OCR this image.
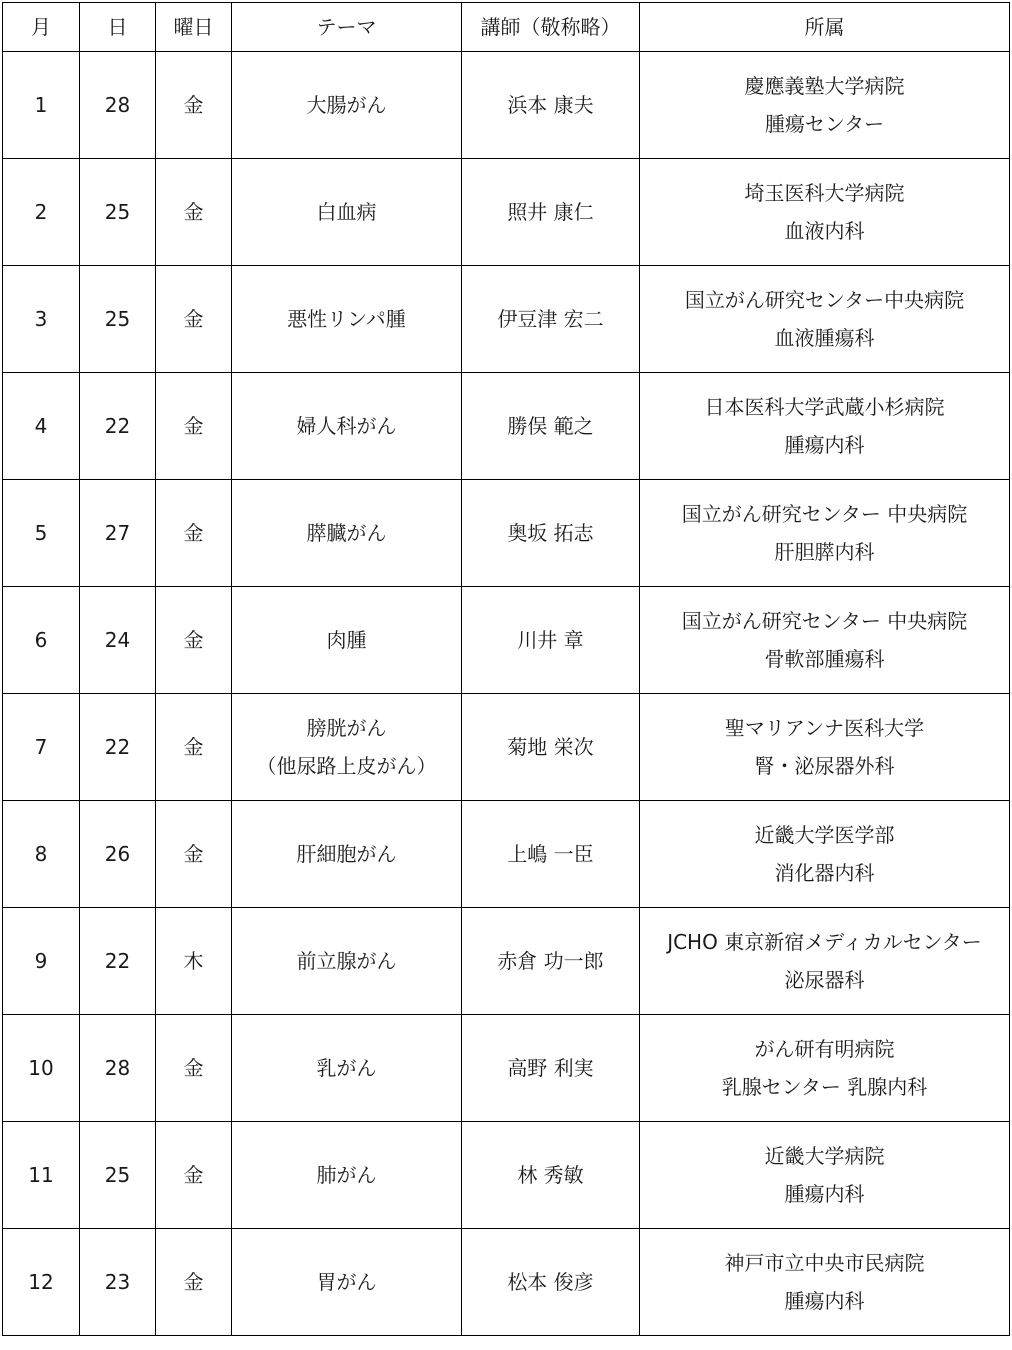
月	日	曜日	テーマ	講師（敬称略）	所属
1	28	金	大腸がん	浜本 康夫	慶應義塾大学病院
腫瘍センター

2	25	金	白血病	照井 康仁	埼玉医科大学病院
血液内科

3	25	金	悪性リンパ腫	伊豆津 宏二	国立がん研究センター中央病院
血液腫瘍科

4	22	金	婦人科がん	勝俣 範之	日本医科大学武蔵小杉病院
腫瘍内科

5	27	金	膵臓がん	奥坂 拓志	国立がん研究センター 中央病院
肝胆膵内科

6	24	金	肉腫	川井 章	国立がん研究センター 中央病院
骨軟部腫瘍科

7	22	金	膀胱がん
（他尿路上皮がん）	菊地 栄次	聖マリアンナ医科大学
腎・泌尿器外科

8	26	金	肝細胞がん	上嶋 一臣	近畿大学医学部
消化器内科

9	22	木	前立腺がん	赤倉 功一郎	JCHO 東京新宿メディカルセンター
泌尿器科

10	28	金	乳がん	高野 利実	がん研有明病院
乳腺センター 乳腺内科

11	25	金	肺がん	林 秀敏	近畿大学病院
腫瘍内科

12	23	金	胃がん	松本 俊彦	神戸市立中央市民病院
腫瘍内科
